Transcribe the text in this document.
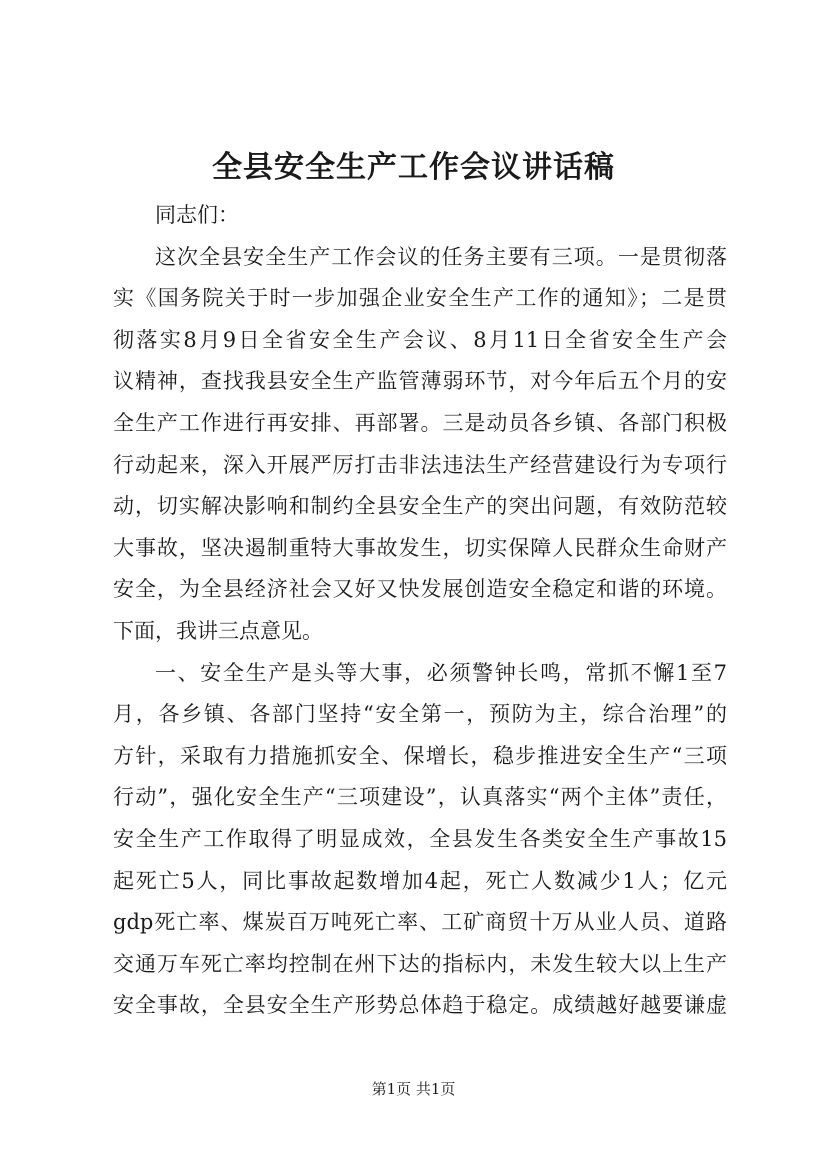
全县安全生产工作会议讲话稿
同志们：
这次全县安全生产工作会议的任务主要有三项。一是贯彻落
实《国务院关于时一步加强企业安全生产工作的通知》；二是贯
彻落实8月9日全省安全生产会议、8月11日全省安全生产会
议精神，查找我县安全生产监管薄弱环节，对今年后五个月的安
全生产工作进行再安排、再部署。三是动员各乡镇、各部门积极
行动起来，深入开展严厉打击非法违法生产经营建设行为专项行
动，切实解决影响和制约全县安全生产的突出问题，有效防范较
大事故，坚决遏制重特大事故发生，切实保障人民群众生命财产
安全，为全县经济社会又好又快发展创造安全稳定和谐的环境。
下面，我讲三点意见。
一、安全生产是头等大事，必须警钟长鸣，常抓不懈1至7
月，各乡镇、各部门坚持“安全第一，预防为主，综合治理”的
方针，采取有力措施抓安全、保增长，稳步推进安全生产“三项
行动”，强化安全生产“三项建设”，认真落实“两个主体”责任，
安全生产工作取得了明显成效，全县发生各类安全生产事故15
起死亡5人，同比事故起数增加4起，死亡人数减少1人；亿元
gdp死亡率、煤炭百万吨死亡率、工矿商贸十万从业人员、道路
交通万车死亡率均控制在州下达的指标内，未发生较大以上生产
安全事故，全县安全生产形势总体趋于稳定。成绩越好越要谦虚
第1页 共1页
